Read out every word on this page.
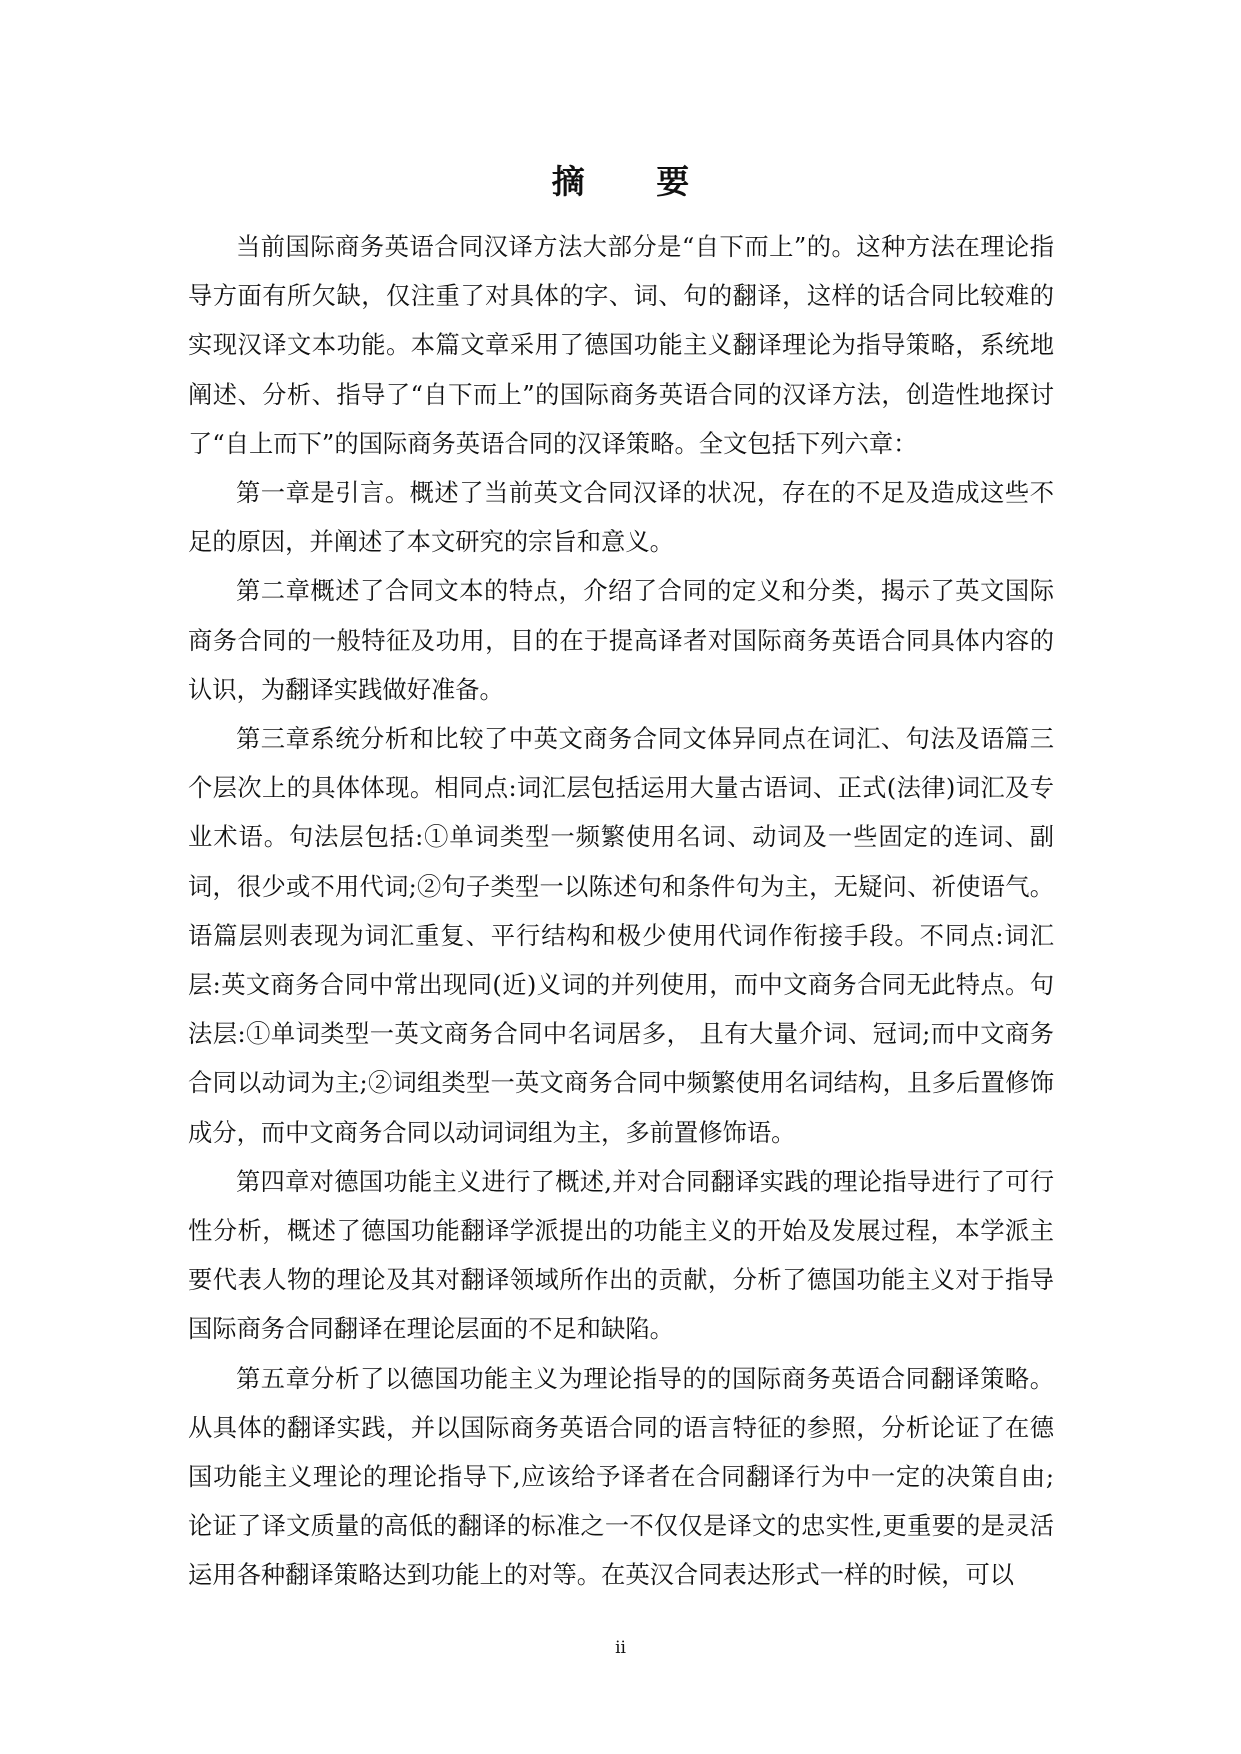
摘 要

当前国际商务英语合同汉译方法大部分是“自下而上”的。这种方法在理论指导方面有所欠缺，仅注重了对具体的字、词、句的翻译，这样的话合同比较难的实现汉译文本功能。本篇文章采用了德国功能主义翻译理论为指导策略，系统地阐述、分析、指导了“自下而上”的国际商务英语合同的汉译方法，创造性地探讨了“自上而下”的国际商务英语合同的汉译策略。全文包括下列六章：

第一章是引言。概述了当前英文合同汉译的状况，存在的不足及造成这些不足的原因，并阐述了本文研究的宗旨和意义。

第二章概述了合同文本的特点，介绍了合同的定义和分类，揭示了英文国际商务合同的一般特征及功用，目的在于提高译者对国际商务英语合同具体内容的认识，为翻译实践做好准备。

第三章系统分析和比较了中英文商务合同文体异同点在词汇、句法及语篇三个层次上的具体体现。相同点:词汇层包括运用大量古语词、正式(法律)词汇及专业术语。句法层包括:①单词类型一频繁使用名词、动词及一些固定的连词、副词，很少或不用代词;②句子类型一以陈述句和条件句为主，无疑问、祈使语气。语篇层则表现为词汇重复、平行结构和极少使用代词作衔接手段。不同点:词汇层:英文商务合同中常出现同(近)义词的并列使用，而中文商务合同无此特点。句法层:①单词类型一英文商务合同中名词居多， 且有大量介词、冠词;而中文商务合同以动词为主;②词组类型一英文商务合同中频繁使用名词结构，且多后置修饰成分，而中文商务合同以动词词组为主，多前置修饰语。

第四章对德国功能主义进行了概述,并对合同翻译实践的理论指导进行了可行性分析，概述了德国功能翻译学派提出的功能主义的开始及发展过程，本学派主要代表人物的理论及其对翻译领域所作出的贡献，分析了德国功能主义对于指导国际商务合同翻译在理论层面的不足和缺陷。

第五章分析了以德国功能主义为理论指导的的国际商务英语合同翻译策略。从具体的翻译实践，并以国际商务英语合同的语言特征的参照，分析论证了在德国功能主义理论的理论指导下,应该给予译者在合同翻译行为中一定的决策自由;论证了译文质量的高低的翻译的标准之一不仅仅是译文的忠实性,更重要的是灵活运用各种翻译策略达到功能上的对等。在英汉合同表达形式一样的时候，可以

ii
